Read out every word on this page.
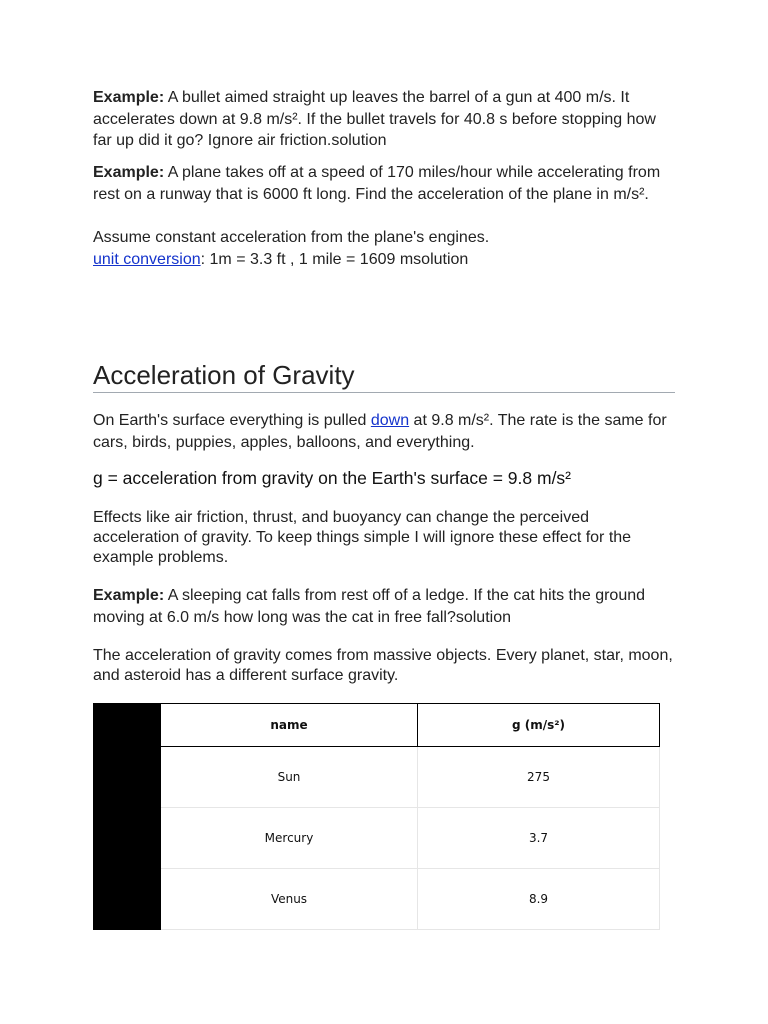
Example: A bullet aimed straight up leaves the barrel of a gun at 400 m/s. It accelerates down at 9.8 m/s². If the bullet travels for 40.8 s before stopping how far up did it go? Ignore air friction.solution

Example: A plane takes off at a speed of 170 miles/hour while accelerating from rest on a runway that is 6000 ft long. Find the acceleration of the plane in m/s².

Assume constant acceleration from the plane's engines.

unit conversion: 1m = 3.3 ft , 1 mile = 1609 msolution

Acceleration of Gravity

On Earth's surface everything is pulled down at 9.8 m/s². The rate is the same for cars, birds, puppies, apples, balloons, and everything.

g = acceleration from gravity on the Earth's surface = 9.8 m/s²

Effects like air friction, thrust, and buoyancy can change the perceived acceleration of gravity. To keep things simple I will ignore these effect for the example problems.

Example: A sleeping cat falls from rest off of a ledge. If the cat hits the ground moving at 6.0 m/s how long was the cat in free fall?solution

The acceleration of gravity comes from massive objects. Every planet, star, moon, and asteroid has a different surface gravity.

name	g (m/s²)
Sun	275
Mercury	3.7
Venus	8.9
